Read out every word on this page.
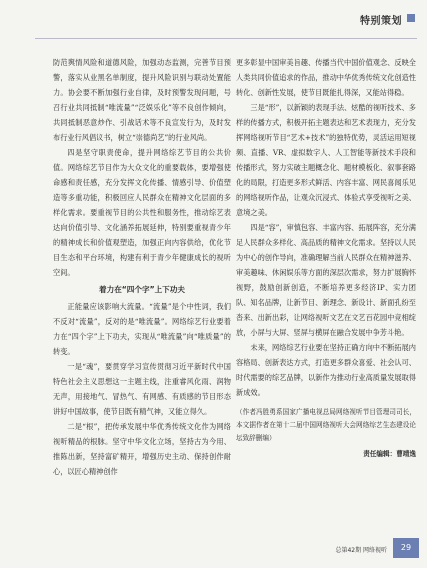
特别策划

防范舆情风险和道德风险，加强动态监测，完善节目预警，落实从业黑名单制度，提升风险识别与联动处置能力。协会要不断加强行业自律，及时预警发现问题，号召行业共同抵制“唯流量”“泛娱乐化”等不良创作倾向，共同抵制恶意炒作、引战话术等不良宣发行为，及时发布行业行风倡议书，树立“崇德尚艺”的行业风尚。

四是坚守职责使命，提升网络综艺节目的公共价值。网络综艺节目作为大众文化的重要载体，要增强使命感和责任感，充分发挥文化传播、情感引导、价值塑造等多重功能，积极回应人民群众在精神文化层面的多样化需求。要重视节目的公共性和服务性，推动综艺表达向价值引导、文化涵养拓展延伸，特别要重视青少年的精神成长和价值观塑造，加强正向内容供给，优化节目生态和平台环境，构建有利于青少年健康成长的视听空间。

着力在“四个字”上下功夫

正能量应该影响大流量。“流量”是个中性词，我们不反对“流量”，反对的是“唯流量”。网络综艺行业要着力在“四个字”上下功夫，实现从“唯流量”向“唯质量”的转变。

一是“魂”，要贯穿学习宣传贯彻习近平新时代中国特色社会主义思想这一主题主线，注重睿风化雨、润物无声，用接地气、冒热气、有网感、有质感的节目形态讲好中国故事，使节目既有精气神，又能立得久。

二是“根”，把传承发展中华优秀传统文化作为网络视听精品的根脉。坚守中华文化立场，坚持古为今用、推陈出新，坚持富矿精开，增强历史主动、保持创作耐心，以匠心精神创作

更多彰显中国审美旨趣、传播当代中国价值观念、反映全人类共同价值追求的作品，推动中华优秀传统文化创造性转化、创新性发展，使节目既能扎得深，又能站得稳。

三是“形”，以新颖的表现手法、炫酷的视听技术、多样的传播方式，积极开拓主题表达和艺术表现力，充分发挥网络视听节目“艺术+技术”的独特优势，灵活运用短视频、直播、VR、虚拟数字人、人工智能等新技术手段和传播形式，努力实破主题概念化、题材模板化、叙事套路化的局限，打造更多形式鲜活、内容丰富、网民喜闻乐见的网络视听作品，让观众沉浸式、体验式享受视听之美、意境之美。

四是“容”，审慎包容、丰富内容、拓展阵容，充分满足人民群众多样化、高品质的精神文化需求。坚持以人民为中心的创作导向，准确理解当前人民群众在精神滋养、审美趣味、休闲娱乐等方面的深层次需求，努力扩展胸怀视野，鼓励创新创造，不断培养更多经济IP、实力团队、知名品牌，让新节目、新理念、新设计、新面孔纷至沓来、出新出彩，让网络视听文艺在文艺百花园中竞相绽放，小屏与大屏、竖屏与横屏在融合发展中争芳斗艳。

未来，网络综艺行业要在坚持正确方向中不断拓展内容格局、创新表达方式，打造更多群众喜爱、社会认可、时代需要的综艺品牌，以新作为推动行业高质量发展取得新成效。

（作者冯胜勇系国家广播电视总局网络视听节目管理司司长，本文据作者在第十二届中国网络视听大会网络综艺生态建设论坛致辞删编）

责任编辑：曹靖逸
总第42期 网络视听	29
